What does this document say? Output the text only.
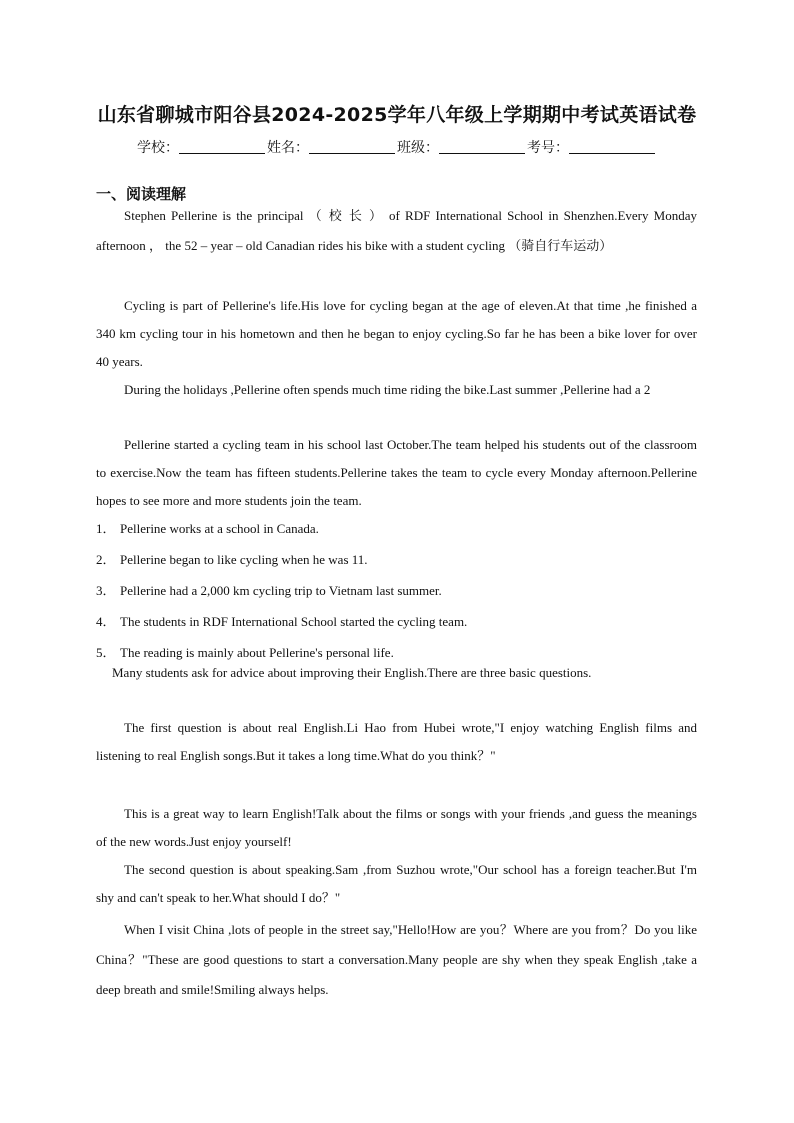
山东省聊城市阳谷县2024-2025学年八年级上学期期中考试英语试卷
学校：	姓名：	班级：	考号：
一、阅读理解
Stephen Pellerine is the principal （ 校 长 ） of RDF International School in Shenzhen.Every Monday afternoon ， the 52 – year – old Canadian rides his bike with a student cycling （骑自行车运动）
Cycling is part of Pellerine's life.His love for cycling began at the age of eleven.At that time ,he finished a 340 km cycling tour in his hometown and then he began to enjoy cycling.So far he has been a bike lover for over 40 years.
During the holidays ,Pellerine often spends much time riding the bike.Last summer ,Pellerine had a 2
Pellerine started a cycling team in his school last October.The team helped his students out of the classroom to exercise.Now the team has fifteen students.Pellerine takes the team to cycle every Monday afternoon.Pellerine hopes to see more and more students join the team.
1． Pellerine works at a school in Canada.
2． Pellerine began to like cycling when he was 11.
3． Pellerine had a 2,000 km cycling trip to Vietnam last summer.
4． The students in RDF International School started the cycling team.
5． The reading is mainly about Pellerine's personal life.
Many students ask for advice about improving their English.There are three basic questions.
The first question is about real English.Li Hao from Hubei wrote,"I enjoy watching English films and listening to real English songs.But it takes a long time.What do you think？"
This is a great way to learn English!Talk about the films or songs with your friends ,and guess the meanings of the new words.Just enjoy yourself!
The second question is about speaking.Sam ,from Suzhou wrote,"Our school has a foreign teacher.But I'm shy and can't speak to her.What should I do？"
When I visit China ,lots of people in the street say,"Hello!How are you？Where are you from？Do you like China？"These are good questions to start a conversation.Many people are shy when they speak English ,take a deep breath and smile!Smiling always helps.
